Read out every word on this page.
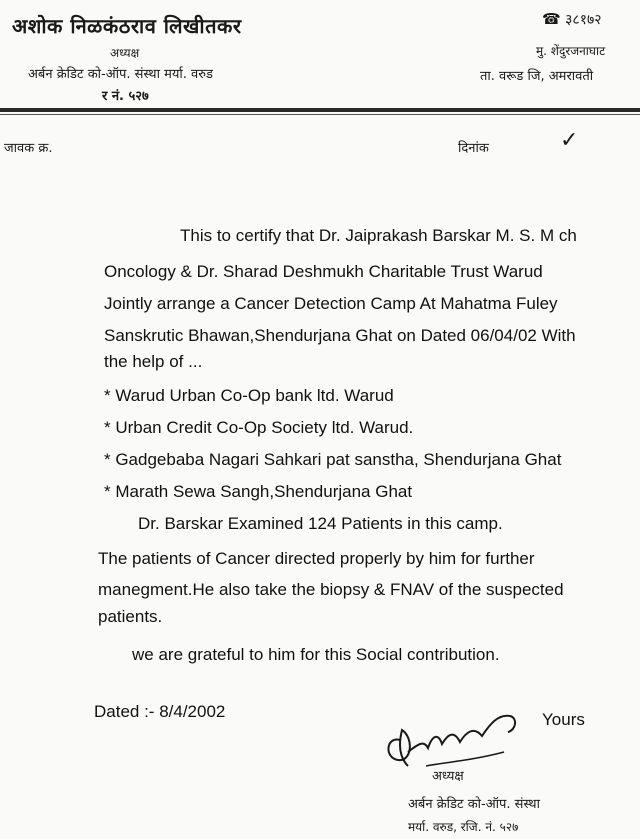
अशोक निळकंठराव लिखीतकर
अध्यक्ष
अर्बन क्रेडिट को-ऑप. संस्था मर्या. वरुड
र नं. ५२७
☎ ३८१७२
मु. शेंदुरजनाघाट
ता. वरूड जि, अमरावती
जावक क्र.	दिनांक	✓
This to certify that Dr. Jaiprakash Barskar M. S. M ch
Oncology & Dr. Sharad Deshmukh Charitable Trust Warud
Jointly arrange a Cancer Detection Camp At Mahatma Fuley
Sanskrutic Bhawan,Shendurjana Ghat on Dated 06/04/02 With
the help of ...
* Warud Urban Co-Op bank ltd. Warud
* Urban Credit Co-Op Society ltd. Warud.
* Gadgebaba Nagari Sahkari pat sanstha, Shendurjana Ghat
* Marath Sewa Sangh,Shendurjana Ghat
Dr. Barskar Examined 124 Patients in this camp.
The patients of Cancer directed properly by him for further
manegment.He also take the biopsy & FNAV of the suspected
patients.
we are grateful to him for this Social contribution.
Dated :- 8/4/2002	Yours
अध्यक्ष
अर्बन क्रेडिट को-ऑप. संस्था
मर्या. वरुड, रजि. नं. ५२७
